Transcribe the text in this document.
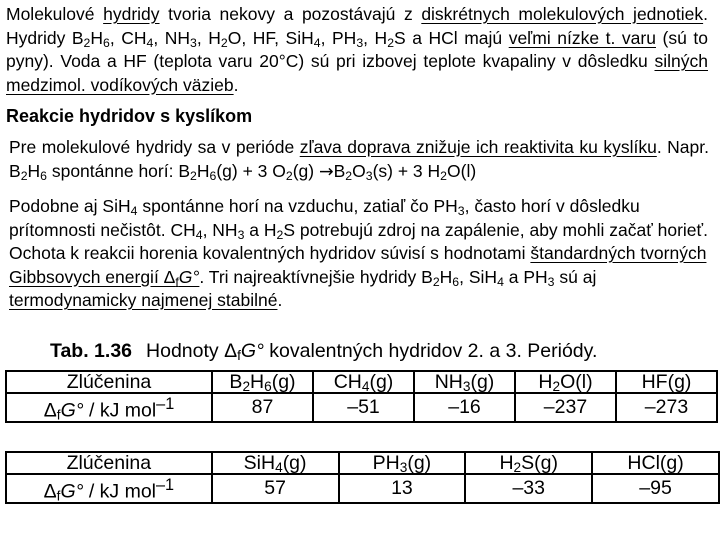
Molekulové hydridy tvoria nekovy a pozostávajú z diskrétnych molekulových jednotiek. Hydridy $B_2H_6$, $CH_4$, $NH_3$, $H_2O$, HF, SiH$_4$, $PH_3$, $H_2S$ a HCl majú veľmi nízke t. varu (sú to pyny). Voda a HF (teplota varu 20°C) sú pri izbovej teplote kvapaliny v dôsledku silných medzimol. vodíkových väzieb.
Reakcie hydridov s kyslíkom
Pre molekulové hydridy sa v perióde zľava doprava znižuje ich reaktivita ku kyslíku. Napr. $B_2H_6$ spontánne horí: $B_2H_6(g) + 3$ $O_2(g) \to B_2O_3(s) + 3$ $H_2O(l)$
Podobne aj SiH$_4$ spontánne horí na vzduchu, zatiaľ čo $PH_3$, často horí v dôsledku prítomnosti nečistôt. $CH_4$, $NH_3$ a $H_2S$ potrebujú zdroj na zapálenie, aby mohli začať horieť. Ochota k reakcii horenia kovalentných hydridov súvisí s hodnotami štandardných tvorných Gibbsovych energií $\Delta_fG^\circ$. Tri najreaktívnejšie hydridy $B_2H_6$, SiH$_4$ a $PH_3$ sú aj termodynamicky najmenej stabilné.
Tab. 1.36 Hodnoty $\Delta_fG^\circ$ kovalentných hydridov 2. a 3. Periódy.
Zlúčenina	$B_2H_6(g)$	$CH_4(g)$	$NH_3(g)$	$H_2O(l)$	HF(g)
$\Delta_fG^\circ$ / kJ mol$^{-1}$	87	–51	–16	–237	–273
Zlúčenina	SiH$_4$(g)	$PH_3(g)$	$H_2S(g)$	HCl(g)
$\Delta_fG^\circ$ / kJ mol$^{-1}$	57	13	–33	–95
